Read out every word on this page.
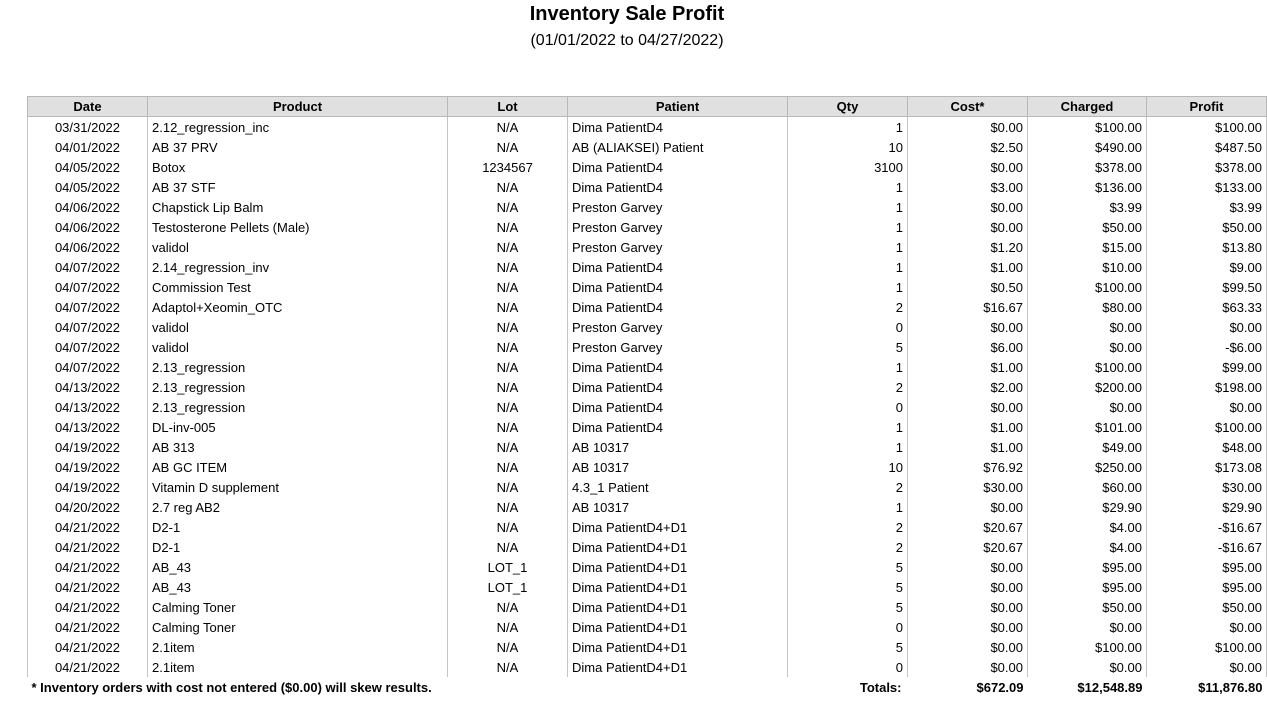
Inventory Sale Profit
(01/01/2022 to 04/27/2022)
Date	Product	Lot	Patient	Qty	Cost*	Charged	Profit
03/31/2022	2.12_regression_inc	N/A	Dima PatientD4	1	$0.00	$100.00	$100.00
04/01/2022	AB 37 PRV	N/A	AB (ALIAKSEI) Patient	10	$2.50	$490.00	$487.50
04/05/2022	Botox	1234567	Dima PatientD4	3100	$0.00	$378.00	$378.00
04/05/2022	AB 37 STF	N/A	Dima PatientD4	1	$3.00	$136.00	$133.00
04/06/2022	Chapstick Lip Balm	N/A	Preston Garvey	1	$0.00	$3.99	$3.99
04/06/2022	Testosterone Pellets (Male)	N/A	Preston Garvey	1	$0.00	$50.00	$50.00
04/06/2022	validol	N/A	Preston Garvey	1	$1.20	$15.00	$13.80
04/07/2022	2.14_regression_inv	N/A	Dima PatientD4	1	$1.00	$10.00	$9.00
04/07/2022	Commission Test	N/A	Dima PatientD4	1	$0.50	$100.00	$99.50
04/07/2022	Adaptol+Xeomin_OTC	N/A	Dima PatientD4	2	$16.67	$80.00	$63.33
04/07/2022	validol	N/A	Preston Garvey	0	$0.00	$0.00	$0.00
04/07/2022	validol	N/A	Preston Garvey	5	$6.00	$0.00	-$6.00
04/07/2022	2.13_regression	N/A	Dima PatientD4	1	$1.00	$100.00	$99.00
04/13/2022	2.13_regression	N/A	Dima PatientD4	2	$2.00	$200.00	$198.00
04/13/2022	2.13_regression	N/A	Dima PatientD4	0	$0.00	$0.00	$0.00
04/13/2022	DL-inv-005	N/A	Dima PatientD4	1	$1.00	$101.00	$100.00
04/19/2022	AB 313	N/A	AB 10317	1	$1.00	$49.00	$48.00
04/19/2022	AB GC ITEM	N/A	AB 10317	10	$76.92	$250.00	$173.08
04/19/2022	Vitamin D supplement	N/A	4.3_1 Patient	2	$30.00	$60.00	$30.00
04/20/2022	2.7 reg AB2	N/A	AB 10317	1	$0.00	$29.90	$29.90
04/21/2022	D2-1	N/A	Dima PatientD4+D1	2	$20.67	$4.00	-$16.67
04/21/2022	D2-1	N/A	Dima PatientD4+D1	2	$20.67	$4.00	-$16.67
04/21/2022	AB_43	LOT_1	Dima PatientD4+D1	5	$0.00	$95.00	$95.00
04/21/2022	AB_43	LOT_1	Dima PatientD4+D1	5	$0.00	$95.00	$95.00
04/21/2022	Calming Toner	N/A	Dima PatientD4+D1	5	$0.00	$50.00	$50.00
04/21/2022	Calming Toner	N/A	Dima PatientD4+D1	0	$0.00	$0.00	$0.00
04/21/2022	2.1item	N/A	Dima PatientD4+D1	5	$0.00	$100.00	$100.00
04/21/2022	2.1item	N/A	Dima PatientD4+D1	0	$0.00	$0.00	$0.00
* Inventory orders with cost not entered ($0.00) will skew results.				Totals:	$672.09	$12,548.89	$11,876.80
